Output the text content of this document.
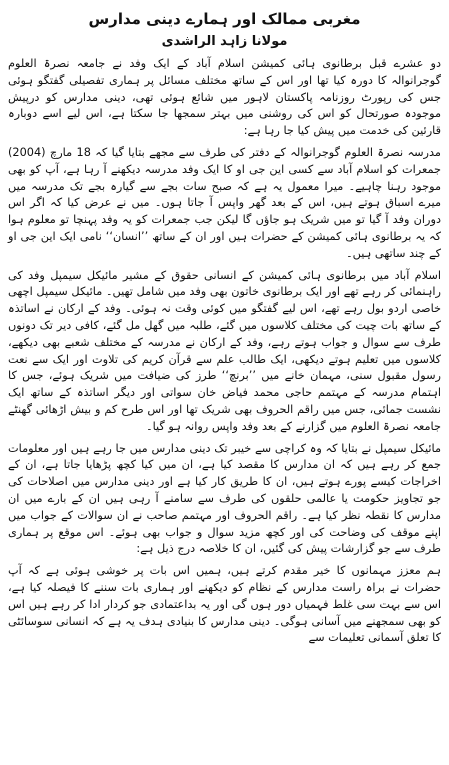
مغربی ممالک اور ہمارے دینی مدارس
مولانا زاہد الراشدی

دو عشرے قبل برطانوی ہائی کمیشن اسلام آباد کے ایک وفد نے جامعہ نصرۃ العلوم گوجرانوالہ کا دورہ کیا تھا اور اس کے ساتھ مختلف مسائل پر ہماری تفصیلی گفتگو ہوئی جس کی رپورٹ روزنامہ پاکستان لاہور میں شائع ہوئی تھی، دینی مدارس کو درپیش موجودہ صورتحال کو اس کی روشنی میں بہتر سمجھا جا سکتا ہے، اس لیے اسے دوبارہ قارئین کی خدمت میں پیش کیا جا رہا ہے:

مدرسہ نصرۃ العلوم گوجرانوالہ کے دفتر کی طرف سے مجھے بتایا گیا کہ 18 مارچ (2004) جمعرات کو اسلام آباد سے کسی این جی او کا ایک وفد مدرسہ دیکھنے آ رہا ہے، آپ کو بھی موجود رہنا چاہیے۔ میرا معمول یہ ہے کہ صبح سات بجے سے گیارہ بجے تک مدرسہ میں میرے اسباق ہوتے ہیں، اس کے بعد گھر واپس آ جاتا ہوں۔ میں نے عرض کیا کہ اگر اس دوران وفد آ گیا تو میں شریک ہو جاؤں گا لیکن جب جمعرات کو یہ وفد پہنچا تو معلوم ہوا کہ یہ برطانوی ہائی کمیشن کے حضرات ہیں اور ان کے ساتھ ’’انسان‘‘ نامی ایک این جی او کے چند ساتھی ہیں۔

اسلام آباد میں برطانوی ہائی کمیشن کے انسانی حقوق کے مشیر مائیکل سیمپل وفد کی راہنمائی کر رہے تھے اور ایک برطانوی خاتون بھی وفد میں شامل تھیں۔ مائیکل سیمپل اچھی خاصی اردو بول رہے تھے، اس لیے گفتگو میں کوئی وقت نہ ہوئی۔ وفد کے ارکان نے اساتذہ کے ساتھ بات چیت کی مختلف کلاسوں میں گئے، طلبہ میں گھل مل گئے، کافی دیر تک دونوں طرف سے سوال و جواب ہوتے رہے، وفد کے ارکان نے مدرسہ کے مختلف شعبے بھی دیکھے، کلاسوں میں تعلیم ہوتے دیکھی، ایک طالب علم سے قرآن کریم کی تلاوت اور ایک سے نعت رسول مقبول سنی، مہمان خانے میں ’’برنچ‘‘ طرز کی ضیافت میں شریک ہوئے، جس کا اہتمام مدرسہ کے مہتمم حاجی محمد فیاض خان سواتی اور دیگر اساتذہ کے ساتھ ایک نشست جمائی، جس میں راقم الحروف بھی شریک تھا اور اس طرح کم و بیش اڑھائی گھنٹے جامعہ نصرۃ العلوم میں گزارنے کے بعد وفد واپس روانہ ہو گیا۔

مائیکل سیمپل نے بتایا کہ وہ کراچی سے خیبر تک دینی مدارس میں جا رہے ہیں اور معلومات جمع کر رہے ہیں کہ ان مدارس کا مقصد کیا ہے، ان میں کیا کچھ پڑھایا جاتا ہے، ان کے اخراجات کیسے پورے ہوتے ہیں، ان کا طریق کار کیا ہے اور دینی مدارس میں اصلاحات کی جو تجاویز حکومت یا عالمی حلقوں کی طرف سے سامنے آ رہی ہیں ان کے بارے میں ان مدارس کا نقطہ نظر کیا ہے۔ راقم الحروف اور مہتمم صاحب نے ان سوالات کے جواب میں اپنے موقف کی وضاحت کی اور کچھ مزید سوال و جواب بھی ہوئے۔ اس موقع پر ہماری طرف سے جو گزارشات پیش کی گئیں، ان کا خلاصہ درج ذیل ہے:

ہم معزز مہمانوں کا خیر مقدم کرتے ہیں، ہمیں اس بات پر خوشی ہوئی ہے کہ آپ حضرات نے براہ راست مدارس کے نظام کو دیکھنے اور ہماری بات سننے کا فیصلہ کیا ہے، اس سے بہت سی غلط فہمیاں دور ہوں گی اور یہ بداعتمادی جو کردار ادا کر رہے ہیں اس کو بھی سمجھنے میں آسانی ہوگی۔ دینی مدارس کا بنیادی ہدف یہ ہے کہ انسانی سوسائٹی کا تعلق آسمانی تعلیمات سے
